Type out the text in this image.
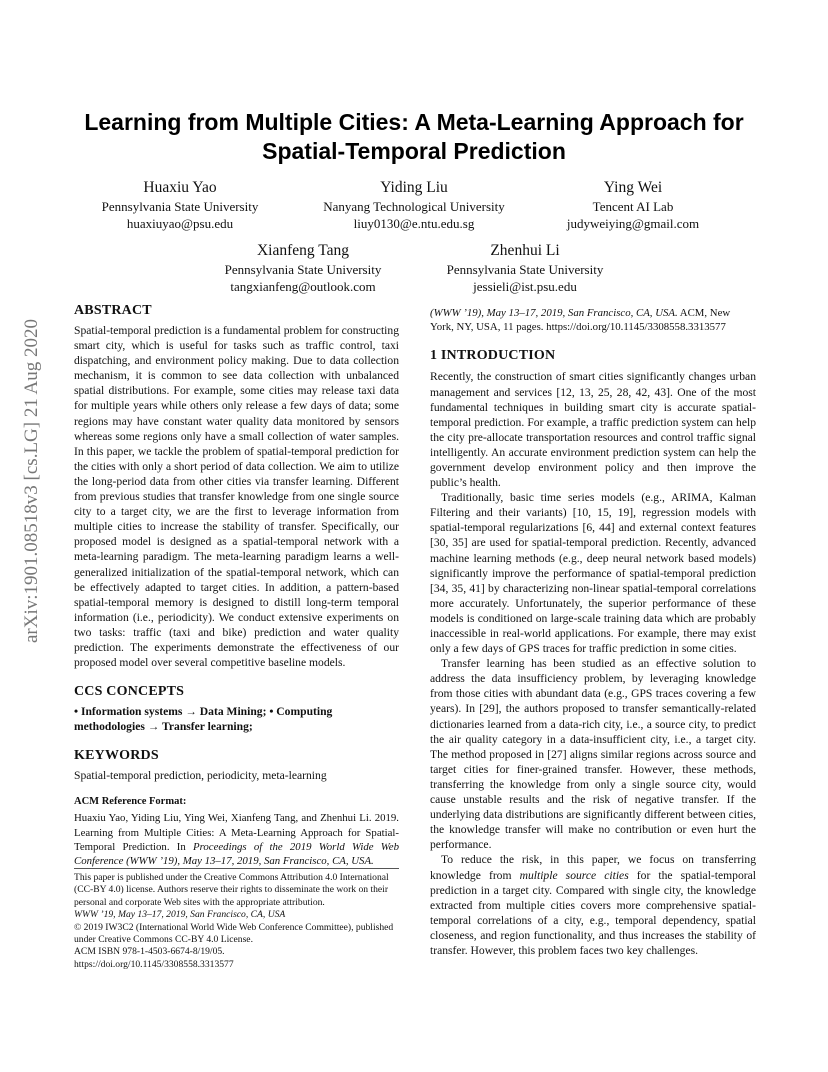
arXiv:1901.08518v3 [cs.LG] 21 Aug 2020
Learning from Multiple Cities: A Meta-Learning Approach for
Spatial-Temporal Prediction
Huaxiu Yao
Pennsylvania State University
huaxiuyao@psu.edu
Yiding Liu
Nanyang Technological University
liuy0130@e.ntu.edu.sg
Ying Wei
Tencent AI Lab
judyweiying@gmail.com
Xianfeng Tang
Pennsylvania State University
tangxianfeng@outlook.com
Zhenhui Li
Pennsylvania State University
jessieli@ist.psu.edu
ABSTRACT

Spatial-temporal prediction is a fundamental problem for constructing smart city, which is useful for tasks such as traffic control, taxi dispatching, and environment policy making. Due to data collection mechanism, it is common to see data collection with unbalanced spatial distributions. For example, some cities may release taxi data for multiple years while others only release a few days of data; some regions may have constant water quality data monitored by sensors whereas some regions only have a small collection of water samples. In this paper, we tackle the problem of spatial-temporal prediction for the cities with only a short period of data collection. We aim to utilize the long-period data from other cities via transfer learning. Different from previous studies that transfer knowledge from one single source city to a target city, we are the first to leverage information from multiple cities to increase the stability of transfer. Specifically, our proposed model is designed as a spatial-temporal network with a meta-learning paradigm. The meta-learning paradigm learns a well-generalized initialization of the spatial-temporal network, which can be effectively adapted to target cities. In addition, a pattern-based spatial-temporal memory is designed to distill long-term temporal information (i.e., periodicity). We conduct extensive experiments on two tasks: traffic (taxi and bike) prediction and water quality prediction. The experiments demonstrate the effectiveness of our proposed model over several competitive baseline models.

CCS CONCEPTS

• Information systems → Data Mining; • Computing methodologies → Transfer learning;

KEYWORDS

Spatial-temporal prediction, periodicity, meta-learning

ACM Reference Format:

Huaxiu Yao, Yiding Liu, Ying Wei, Xianfeng Tang, and Zhenhui Li. 2019. Learning from Multiple Cities: A Meta-Learning Approach for Spatial-Temporal Prediction. In Proceedings of the 2019 World Wide Web Conference (WWW ’19), May 13–17, 2019, San Francisco, CA, USA.

This paper is published under the Creative Commons Attribution 4.0 International (CC-BY 4.0) license. Authors reserve their rights to disseminate the work on their personal and corporate Web sites with the appropriate attribution.

WWW ’19, May 13–17, 2019, San Francisco, CA, USA

© 2019 IW3C2 (International World Wide Web Conference Committee), published under Creative Commons CC-BY 4.0 License.

ACM ISBN 978-1-4503-6674-8/19/05.

https://doi.org/10.1145/3308558.3313577

(WWW ’19), May 13–17, 2019, San Francisco, CA, USA. ACM, New York, NY, USA, 11 pages. https://doi.org/10.1145/3308558.3313577

1 INTRODUCTION

Recently, the construction of smart cities significantly changes urban management and services [12, 13, 25, 28, 42, 43]. One of the most fundamental techniques in building smart city is accurate spatial-temporal prediction. For example, a traffic prediction system can help the city pre-allocate transportation resources and control traffic signal intelligently. An accurate environment prediction system can help the government develop environment policy and then improve the public’s health.

Traditionally, basic time series models (e.g., ARIMA, Kalman Filtering and their variants) [10, 15, 19], regression models with spatial-temporal regularizations [6, 44] and external context features [30, 35] are used for spatial-temporal prediction. Recently, advanced machine learning methods (e.g., deep neural network based models) significantly improve the performance of spatial-temporal prediction [34, 35, 41] by characterizing non-linear spatial-temporal correlations more accurately. Unfortunately, the superior performance of these models is conditioned on large-scale training data which are probably inaccessible in real-world applications. For example, there may exist only a few days of GPS traces for traffic prediction in some cities.

Transfer learning has been studied as an effective solution to address the data insufficiency problem, by leveraging knowledge from those cities with abundant data (e.g., GPS traces covering a few years). In [29], the authors proposed to transfer semantically-related dictionaries learned from a data-rich city, i.e., a source city, to predict the air quality category in a data-insufficient city, i.e., a target city. The method proposed in [27] aligns similar regions across source and target cities for finer-grained transfer. However, these methods, transferring the knowledge from only a single source city, would cause unstable results and the risk of negative transfer. If the underlying data distributions are significantly different between cities, the knowledge transfer will make no contribution or even hurt the performance.

To reduce the risk, in this paper, we focus on transferring knowledge from multiple source cities for the spatial-temporal prediction in a target city. Compared with single city, the knowledge extracted from multiple cities covers more comprehensive spatial-temporal correlations of a city, e.g., temporal dependency, spatial closeness, and region functionality, and thus increases the stability of transfer. However, this problem faces two key challenges.
